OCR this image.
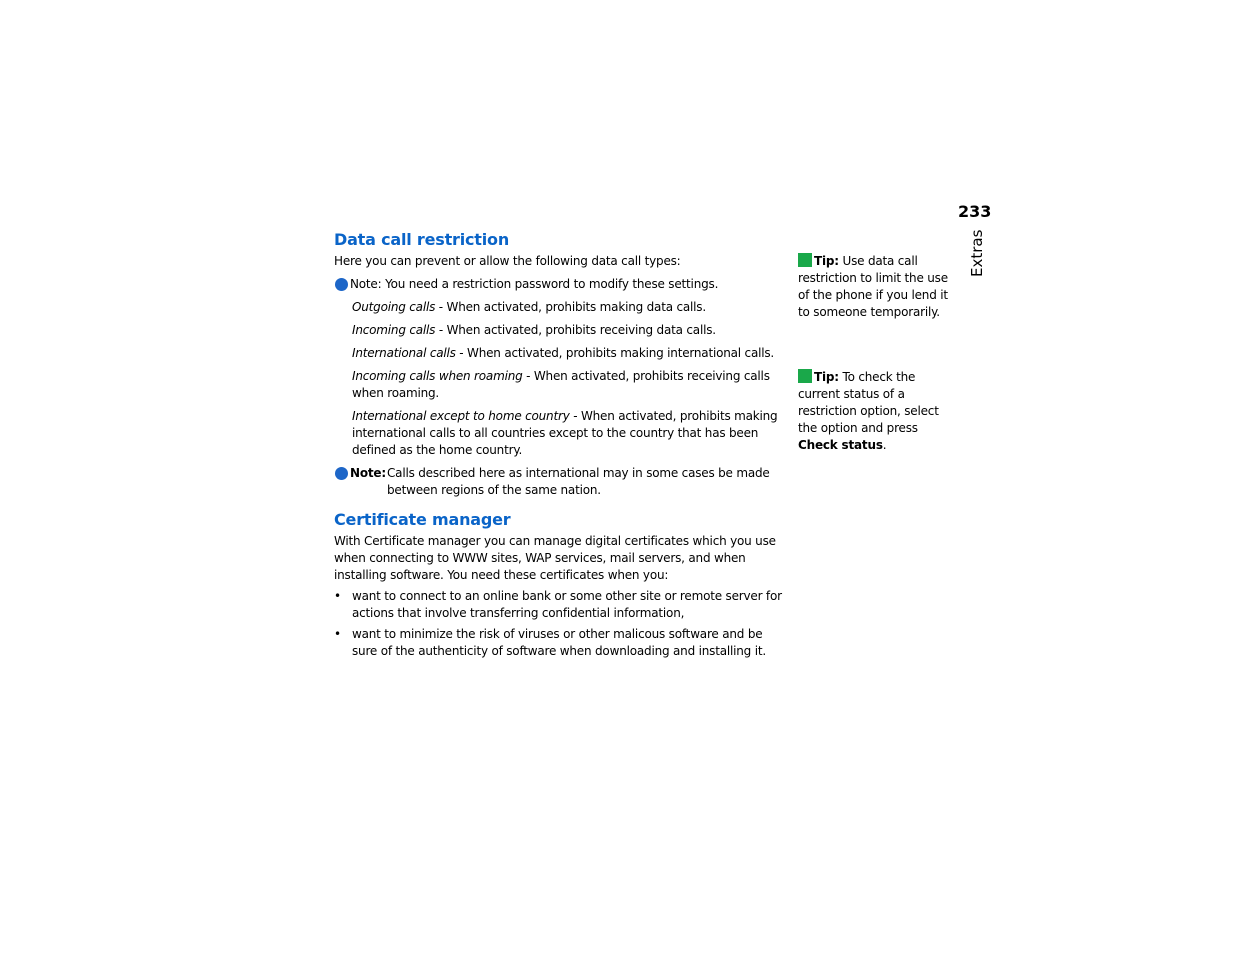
233
Extras
Data call restriction

Here you can prevent or allow the following data call types:

Note: You need a restriction password to modify these settings.

Outgoing calls - When activated, prohibits making data calls.

Incoming calls - When activated, prohibits receiving data calls.

International calls - When activated, prohibits making international calls.

Incoming calls when roaming - When activated, prohibits receiving calls when roaming.

International except to home country - When activated, prohibits making international calls to all countries except to the country that has been defined as the home country.

Note: Calls described here as international may in some cases be made between regions of the same nation.
Certificate manager

With Certificate manager you can manage digital certificates which you use when connecting to WWW sites, WAP services, mail servers, and when installing software. You need these certificates when you:

• want to connect to an online bank or some other site or remote server for actions that involve transferring confidential information,
• want to minimize the risk of viruses or other malicous software and be sure of the authenticity of software when downloading and installing it.

Tip: Use data call restriction to limit the use of the phone if you lend it to someone temporarily.

Tip: To check the current status of a restriction option, select the option and press Check status.
